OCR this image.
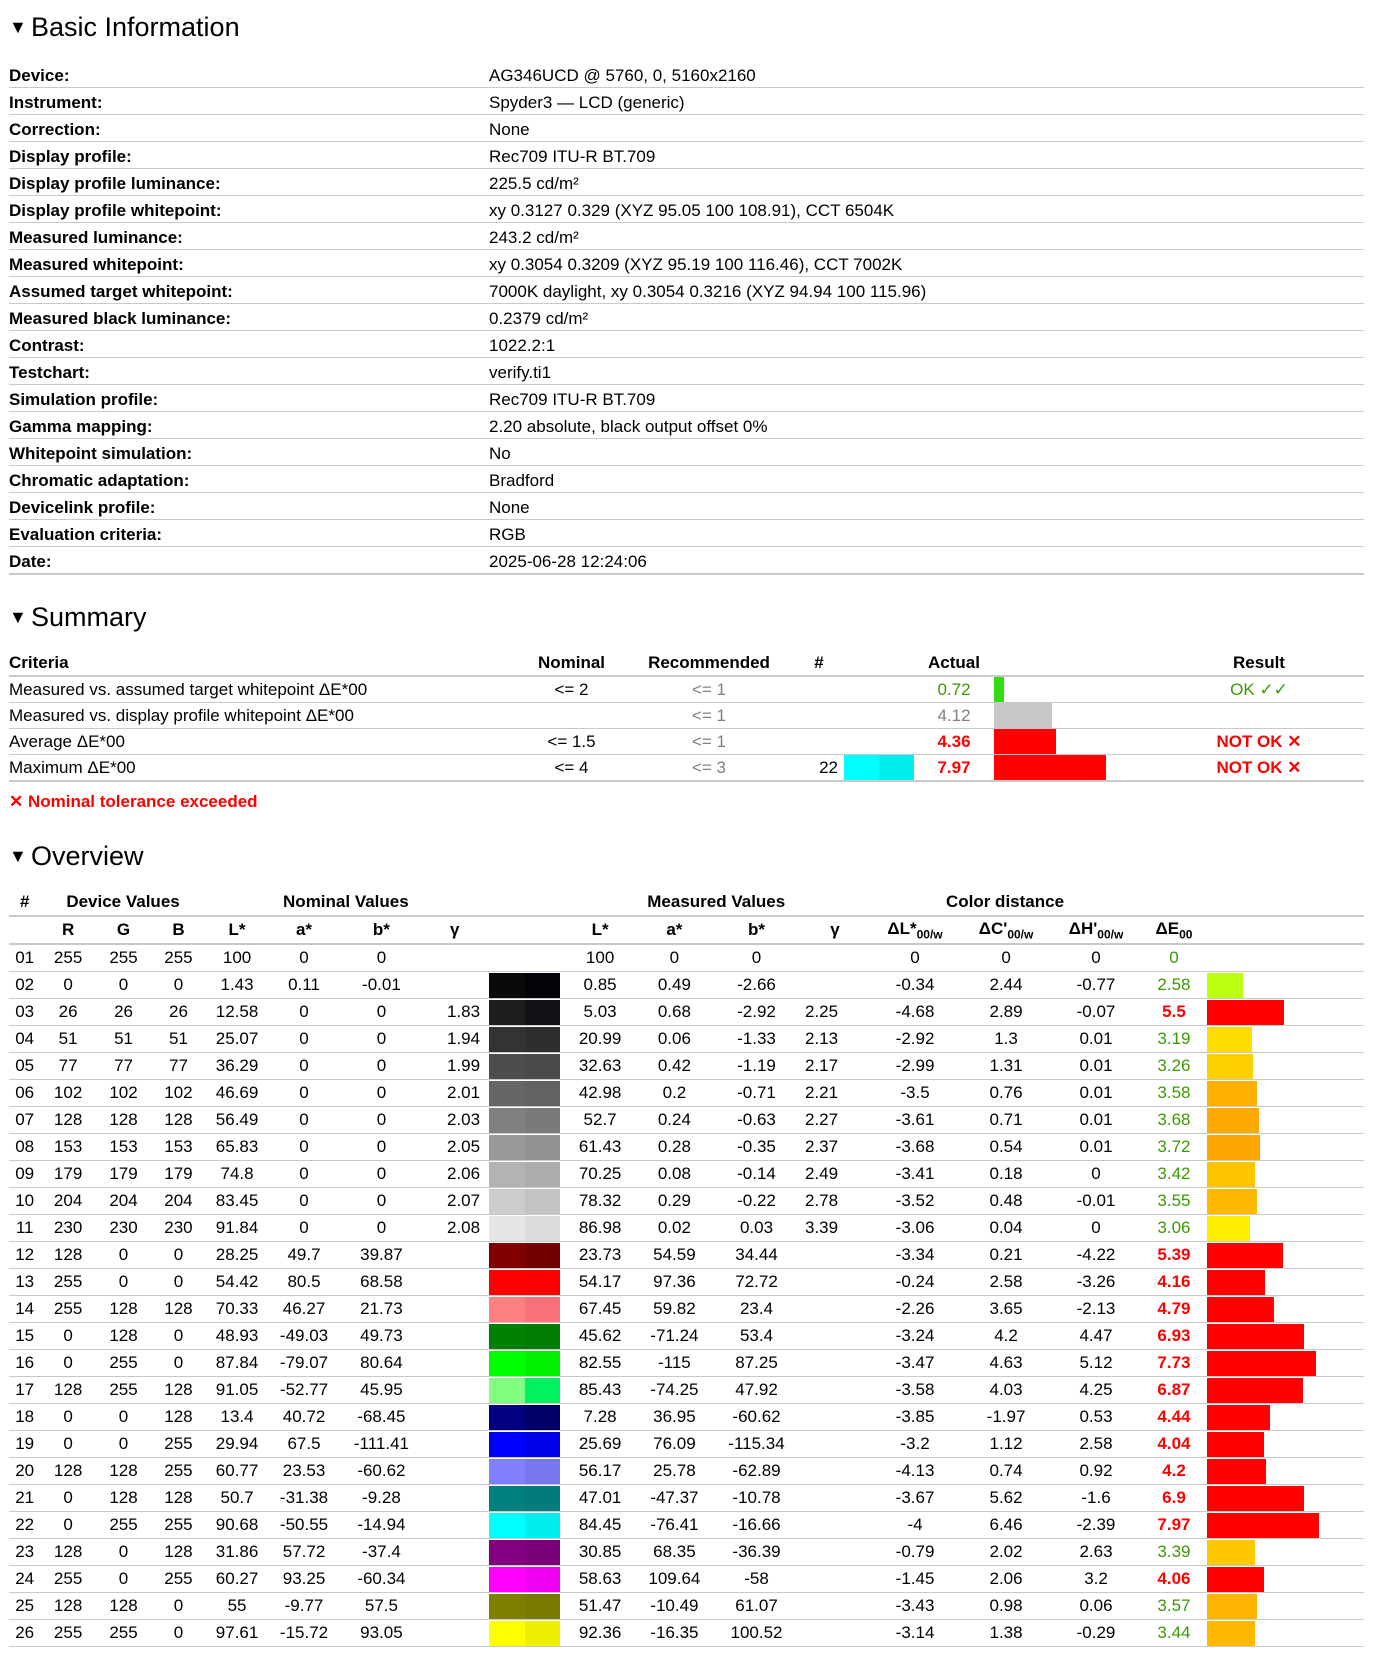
▼ Basic Information
Device:	AG346UCD @ 5760, 0, 5160x2160
Instrument:	Spyder3 — LCD (generic)
Correction:	None
Display profile:	Rec709 ITU-R BT.709
Display profile luminance:	225.5 cd/m²
Display profile whitepoint:	xy 0.3127 0.329 (XYZ 95.05 100 108.91), CCT 6504K
Measured luminance:	243.2 cd/m²
Measured whitepoint:	xy 0.3054 0.3209 (XYZ 95.19 100 116.46), CCT 7002K
Assumed target whitepoint:	7000K daylight, xy 0.3054 0.3216 (XYZ 94.94 100 115.96)
Measured black luminance:	0.2379 cd/m²
Contrast:	1022.2:1
Testchart:	verify.ti1
Simulation profile:	Rec709 ITU-R BT.709
Gamma mapping:	2.20 absolute, black output offset 0%
Whitepoint simulation:	No
Chromatic adaptation:	Bradford
Devicelink profile:	None
Evaluation criteria:	RGB
Date:	2025-06-28 12:24:06
▼ Summary
Criteria	Nominal	Recommended	#		Actual		Result
Measured vs. assumed target whitepoint ΔE*00	<= 2	<= 1			0.72		OK ✓✓
Measured vs. display profile whitepoint ΔE*00		<= 1			4.12	

Average ΔE*00	<= 1.5	<= 1			4.36		NOT OK ✕
Maximum ΔE*00	<= 4	<= 3	22		7.97		NOT OK ✕
✕ Nominal tolerance exceeded
▼ Overview
#	Device Values			Nominal Values					Measured Values				Color distance				
	R	G	B	L*	a*	b*	γ		L*	a*	b*	γ	$\Delta L*_{00/w}$	$\Delta C'_{00/w}$	$\Delta H'_{00/w}$	$\Delta E_{00}$	
01	255	255	255	100	0	0			100	0	0		0	0	0	0	

02	0	0	0	1.43	0.11	-0.01			0.85	0.49	-2.66		-0.34	2.44	-0.77	2.58	

03	26	26	26	12.58	0	0	1.83		5.03	0.68	-2.92	2.25	-4.68	2.89	-0.07	5.5	

04	51	51	51	25.07	0	0	1.94		20.99	0.06	-1.33	2.13	-2.92	1.3	0.01	3.19	

05	77	77	77	36.29	0	0	1.99		32.63	0.42	-1.19	2.17	-2.99	1.31	0.01	3.26	

06	102	102	102	46.69	0	0	2.01		42.98	0.2	-0.71	2.21	-3.5	0.76	0.01	3.58	

07	128	128	128	56.49	0	0	2.03		52.7	0.24	-0.63	2.27	-3.61	0.71	0.01	3.68	

08	153	153	153	65.83	0	0	2.05		61.43	0.28	-0.35	2.37	-3.68	0.54	0.01	3.72	

09	179	179	179	74.8	0	0	2.06		70.25	0.08	-0.14	2.49	-3.41	0.18	0	3.42	

10	204	204	204	83.45	0	0	2.07		78.32	0.29	-0.22	2.78	-3.52	0.48	-0.01	3.55	

11	230	230	230	91.84	0	0	2.08		86.98	0.02	0.03	3.39	-3.06	0.04	0	3.06	

12	128	0	0	28.25	49.7	39.87			23.73	54.59	34.44		-3.34	0.21	-4.22	5.39	

13	255	0	0	54.42	80.5	68.58			54.17	97.36	72.72		-0.24	2.58	-3.26	4.16	

14	255	128	128	70.33	46.27	21.73			67.45	59.82	23.4		-2.26	3.65	-2.13	4.79	

15	0	128	0	48.93	-49.03	49.73			45.62	-71.24	53.4		-3.24	4.2	4.47	6.93	

16	0	255	0	87.84	-79.07	80.64			82.55	-115	87.25		-3.47	4.63	5.12	7.73	

17	128	255	128	91.05	-52.77	45.95			85.43	-74.25	47.92		-3.58	4.03	4.25	6.87	

18	0	0	128	13.4	40.72	-68.45			7.28	36.95	-60.62		-3.85	-1.97	0.53	4.44	

19	0	0	255	29.94	67.5	-111.41			25.69	76.09	-115.34		-3.2	1.12	2.58	4.04	

20	128	128	255	60.77	23.53	-60.62			56.17	25.78	-62.89		-4.13	0.74	0.92	4.2	

21	0	128	128	50.7	-31.38	-9.28			47.01	-47.37	-10.78		-3.67	5.62	-1.6	6.9	

22	0	255	255	90.68	-50.55	-14.94			84.45	-76.41	-16.66		-4	6.46	-2.39	7.97	

23	128	0	128	31.86	57.72	-37.4			30.85	68.35	-36.39		-0.79	2.02	2.63	3.39	

24	255	0	255	60.27	93.25	-60.34			58.63	109.64	-58		-1.45	2.06	3.2	4.06	

25	128	128	0	55	-9.77	57.5			51.47	-10.49	61.07		-3.43	0.98	0.06	3.57	

26	255	255	0	97.61	-15.72	93.05			92.36	-16.35	100.52		-3.14	1.38	-0.29	3.44	
